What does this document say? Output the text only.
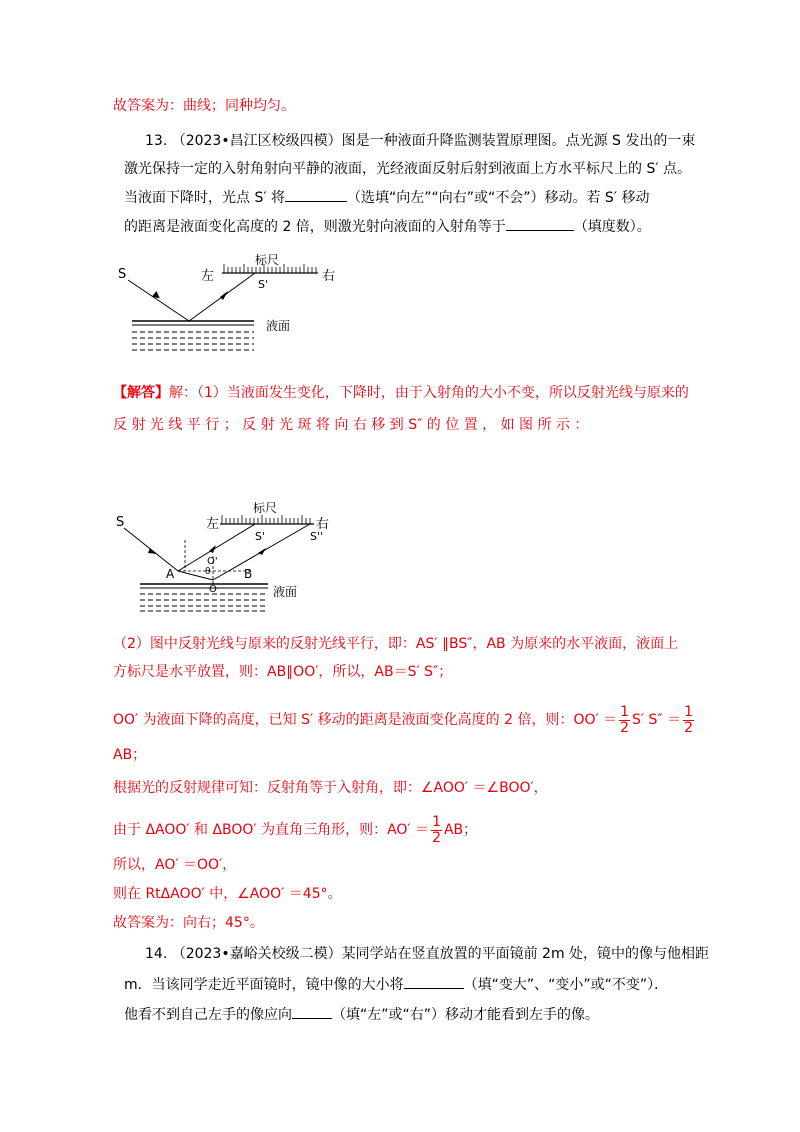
故答案为：曲线；同种均匀。
13. （2023•昌江区校级四模）图是一种液面升降监测装置原理图。点光源 S 发出的一束
激光保持一定的入射角射向平静的液面，光经液面反射后射到液面上方水平标尺上的 S′ 点。
当液面下降时，光点 S′ 将	（选填“向左”“向右”或“不会”）移动。若 S′ 移动
的距离是液面变化高度的 2 倍，则激光射向液面的入射角等于	（填度数）。
S	左
标尺
右
S'
液面
【解答】解：（1）当液面发生变化，下降时，由于入射角的大小不变，所以反射光线与原来的
反 射 光 线 平 行 ； 反 射 光 斑 将 向 右 移 到 S″ 的 位 置 ， 如 图 所 示 ：
S	左
标尺
右
S'	S''
A	B
O'
θ
O	液面
（2）图中反射光线与原来的反射光线平行，即：AS′ ∥BS″，AB 为原来的水平液面，液面上
方标尺是水平放置，则：AB∥OO′，所以，AB＝S′ S″；
OO′ 为液面下降的高度，已知 S′ 移动的距离是液面变化高度的 2 倍，则：$OO' = \frac{1}{2} S'$ $S'' = \frac{1}{2}$
AB；
根据光的反射规律可知：反射角等于入射角，即：∠AOO′ ＝∠BOO′，
由于 ΔAOO′ 和 ΔBOO′ 为直角三角形，则：$AO' = \frac{1}{2}$ AB；
所以，AO′ ＝OO′，
则在 RtΔAOO′ 中，∠AOO′ ＝45°。
故答案为：向右；45°。
14. （2023•嘉峪关校级二模）某同学站在竖直放置的平面镜前 2m 处，镜中的像与他相距
m．当该同学走近平面镜时，镜中像的大小将	（填“变大”、“变小”或“不变”）．
他看不到自己左手的像应向	（填“左”或“右”）移动才能看到左手的像。
